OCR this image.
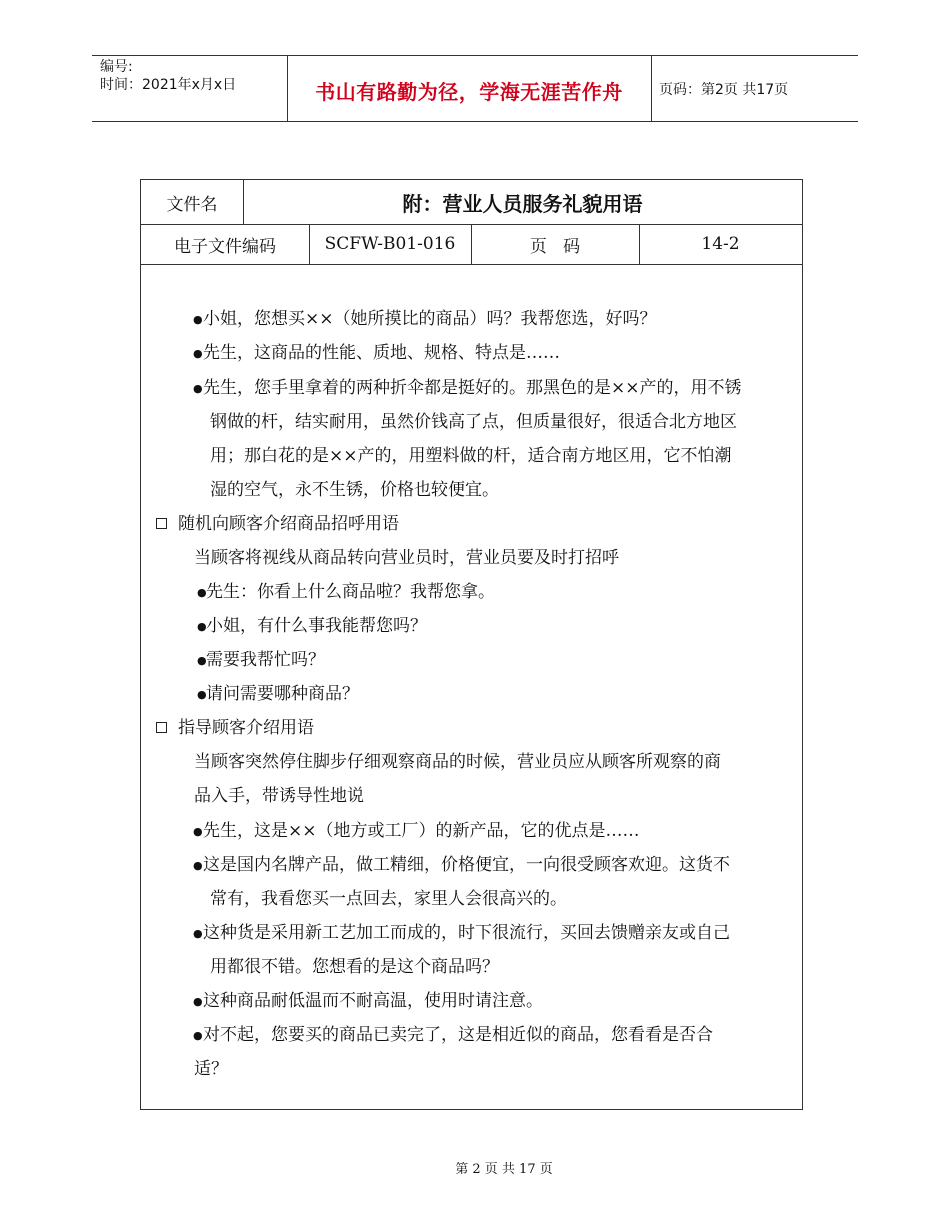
编号:
时间：2021年x月x日	书山有路勤为径，学海无涯苦作舟	页码：第2页 共17页
文件名	附：营业人员服务礼貌用语
电子文件编码	SCFW-B01-016	页   码	14-2
● 小姐，您想买××（她所摸比的商品）吗？我帮您选，好吗？
● 先生，这商品的性能、质地、规格、特点是……
● 先生，您手里拿着的两种折伞都是挺好的。那黑色的是××产的，用不锈
钢做的杆，结实耐用，虽然价钱高了点，但质量很好，很适合北方地区
用；那白花的是××产的，用塑料做的杆，适合南方地区用，它不怕潮
湿的空气，永不生锈，价格也较便宜。
随机向顾客介绍商品招呼用语
当顾客将视线从商品转向营业员时，营业员要及时打招呼
● 先生：你看上什么商品啦？我帮您拿。
● 小姐，有什么事我能帮您吗？
● 需要我帮忙吗？
● 请问需要哪种商品？
指导顾客介绍用语
当顾客突然停住脚步仔细观察商品的时候，营业员应从顾客所观察的商
品入手，带诱导性地说
● 先生，这是××（地方或工厂）的新产品，它的优点是……
● 这是国内名牌产品，做工精细，价格便宜，一向很受顾客欢迎。这货不
常有，我看您买一点回去，家里人会很高兴的。
● 这种货是采用新工艺加工而成的，时下很流行，买回去馈赠亲友或自己
用都很不错。您想看的是这个商品吗？
● 这种商品耐低温而不耐高温，使用时请注意。
● 对不起，您要买的商品已卖完了，这是相近似的商品，您看看是否合
适？
第 2 页 共 17 页
